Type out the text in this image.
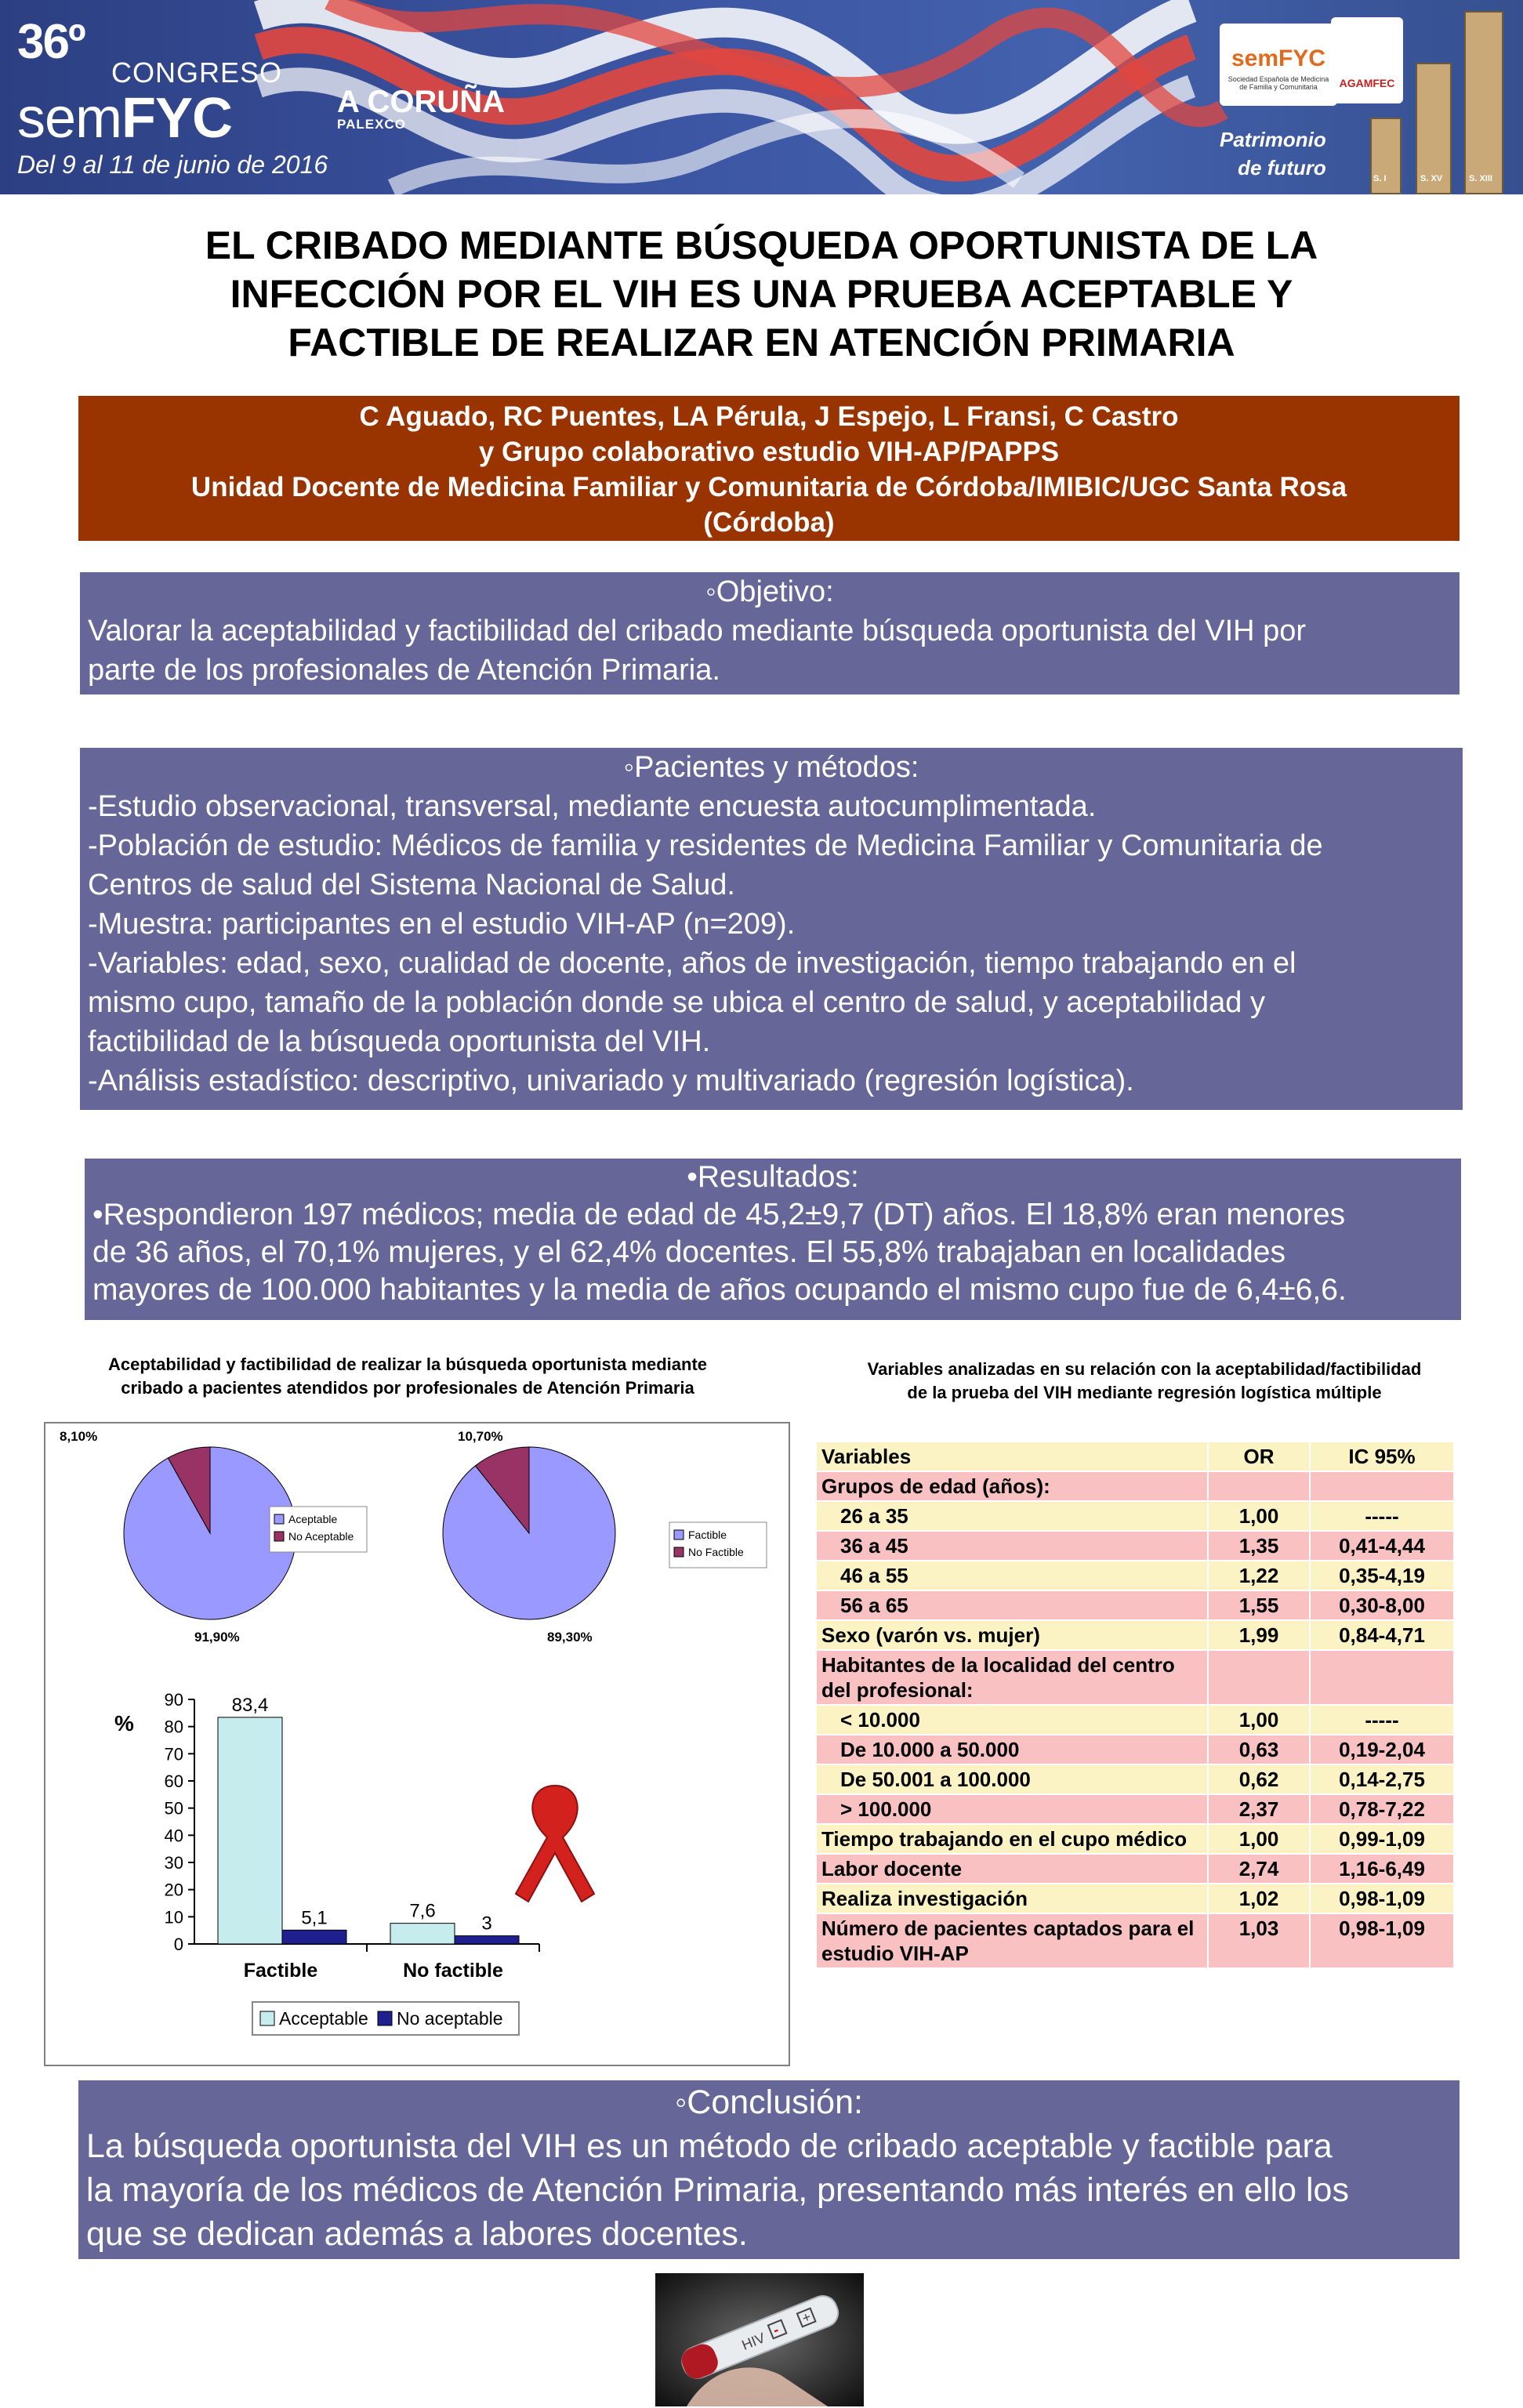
36º
CONGRESO
semFYC	A CORUÑA
PALEXCO
Del 9 al 11 de junio de 2016
semFYC
Sociedad Española de Medicina de Familia y Comunitaria	AGAMFEC
Patrimonio
de futuro	S. I	S. XV	S. XIII
EL CRIBADO MEDIANTE BÚSQUEDA OPORTUNISTA DE LA
INFECCIÓN POR EL VIH ES UNA PRUEBA ACEPTABLE Y
FACTIBLE DE REALIZAR EN ATENCIÓN PRIMARIA
C Aguado, RC Puentes, LA Pérula, J Espejo, L Fransi, C Castro
y Grupo colaborativo estudio VIH-AP/PAPPS
Unidad Docente de Medicina Familiar y Comunitaria de Córdoba/IMIBIC/UGC Santa Rosa
(Córdoba)
◦Objetivo:
Valorar la aceptabilidad y factibilidad del cribado mediante búsqueda oportunista del VIH por
parte de los profesionales de Atención Primaria.
◦Pacientes y métodos:
-Estudio observacional, transversal, mediante encuesta autocumplimentada.
-Población de estudio: Médicos de familia y residentes de Medicina Familiar y Comunitaria de
Centros de salud del Sistema Nacional de Salud.
-Muestra: participantes en el estudio VIH-AP (n=209).
-Variables: edad, sexo, cualidad de docente, años de investigación, tiempo trabajando en el
mismo cupo, tamaño de la población donde se ubica el centro de salud, y aceptabilidad y
factibilidad de la búsqueda oportunista del VIH.
-Análisis estadístico: descriptivo, univariado y multivariado (regresión logística).
•Resultados:
•Respondieron 197 médicos; media de edad de 45,2±9,7 (DT) años. El 18,8% eran menores
de 36 años, el 70,1% mujeres, y el 62,4% docentes. El 55,8% trabajaban en localidades
mayores de 100.000 habitantes y la media de años ocupando el mismo cupo fue de 6,4±6,6.
Aceptabilidad y factibilidad de realizar la búsqueda oportunista mediante
cribado a pacientes atendidos por profesionales de Atención Primaria
8,10%
91,90%
Aceptable
No Aceptable
10,70%
89,30%
Factible
No Factible
%
90
80
70
60
50
40
30
20
10
0
83,4
5,1
Factible
7,6
3
No factible
Acceptable No aceptable
Variables analizadas en su relación con la aceptabilidad/factibilidad
de la prueba del VIH mediante regresión logística múltiple
Variables	OR	IC 95%
Grupos de edad (años):		
26 a 35	1,00	-----
36 a 45	1,35	0,41-4,44
46 a 55	1,22	0,35-4,19
56 a 65	1,55	0,30-8,00
Sexo (varón vs. mujer)	1,99	0,84-4,71
Habitantes de la localidad del centro del profesional:		
< 10.000	1,00	-----
De 10.000 a 50.000	0,63	0,19-2,04
De 50.001 a 100.000	0,62	0,14-2,75
> 100.000	2,37	0,78-7,22
Tiempo trabajando en el cupo médico	1,00	0,99-1,09
Labor docente	2,74	1,16-6,49
Realiza investigación	1,02	0,98-1,09
Número de pacientes captados para el estudio VIH-AP	1,03	0,98-1,09
◦Conclusión:
La búsqueda oportunista del VIH es un método de cribado aceptable y factible para
la mayoría de los médicos de Atención Primaria, presentando más interés en ello los
que se dedican además a labores docentes.
HIV -
+
